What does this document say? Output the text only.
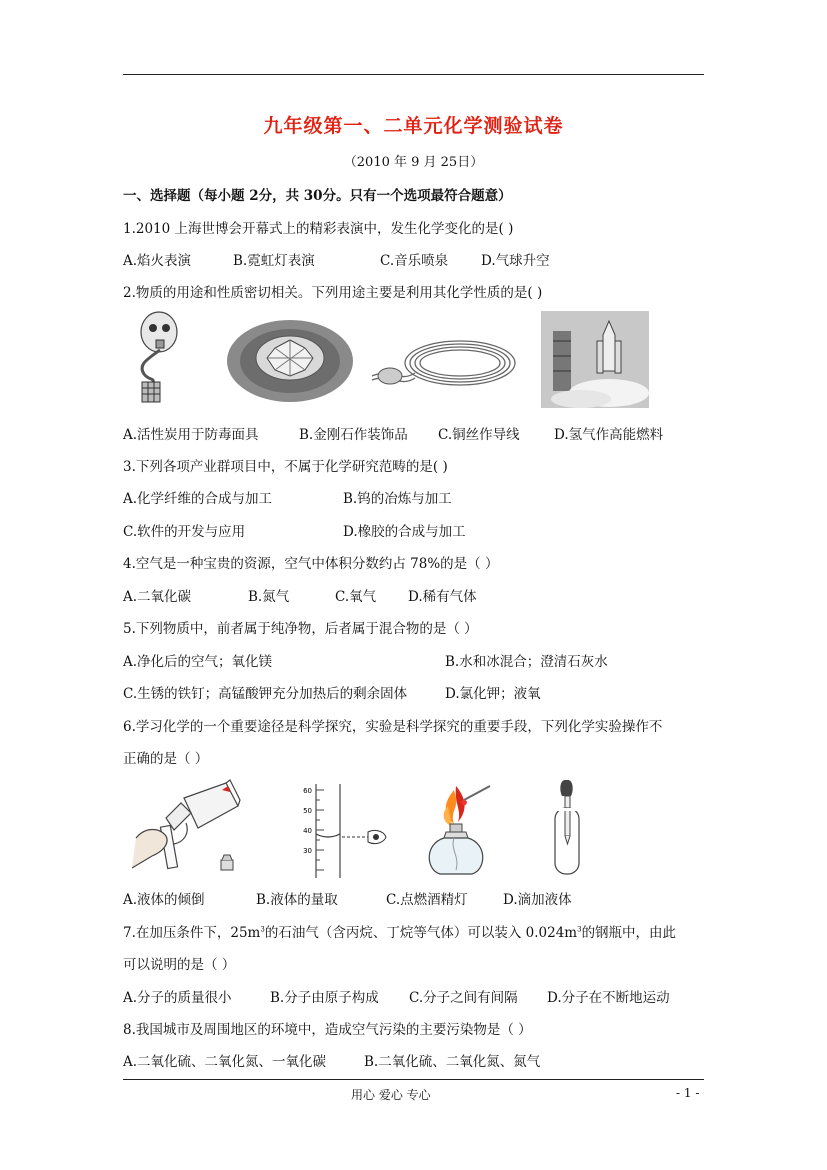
九年级第一、二单元化学测验试卷
（2010 年 9 月 25日）
一、选择题（每小题 2分，共 30分。只有一个选项最符合题意）
1.2010 上海世博会开幕式上的精彩表演中，发生化学变化的是( )
A.焰火表演	B.霓虹灯表演	C.音乐喷泉 D.气球升空
2.物质的用途和性质密切相关。下列用途主要是利用其化学性质的是( )
A.活性炭用于防毒面具	B.金刚石作装饰品 C.铜丝作导线	D.氢气作高能燃料
3.下列各项产业群项目中，不属于化学研究范畴的是( )
A.化学纤维的合成与加工	B.钨的冶炼与加工
C.软件的开发与应用	D.橡胶的合成与加工
4.空气是一种宝贵的资源，空气中体积分数约占 78%的是（ ）
A.二氧化碳	B.氮气	C.氧气 D.稀有气体
5.下列物质中，前者属于纯净物，后者属于混合物的是（ ）
A.净化后的空气；氧化镁	B.水和冰混合；澄清石灰水
C.生锈的铁钉；高锰酸钾充分加热后的剩余固体	D.氯化钾；液氧
6.学习化学的一个重要途径是科学探究，实验是科学探究的重要手段，下列化学实验操作不
正确的是（ ）
60
50
40
30
A.液体的倾倒	B.液体的量取	C.点燃酒精灯	D.滴加液体
7.在加压条件下，$25m^3$的石油气（含丙烷、丁烷等气体）可以装入 $0.024m^3$的钢瓶中，由此
可以说明的是（ ）
A.分子的质量很小	B.分子由原子构成 C.分子之间有间隔 D.分子在不断地运动
8.我国城市及周围地区的环境中，造成空气污染的主要污染物是（ ）
A.二氧化硫、二氧化氮、一氧化碳	B.二氧化硫、二氧化氮、氮气
用心 爱心 专心	- 1 -
